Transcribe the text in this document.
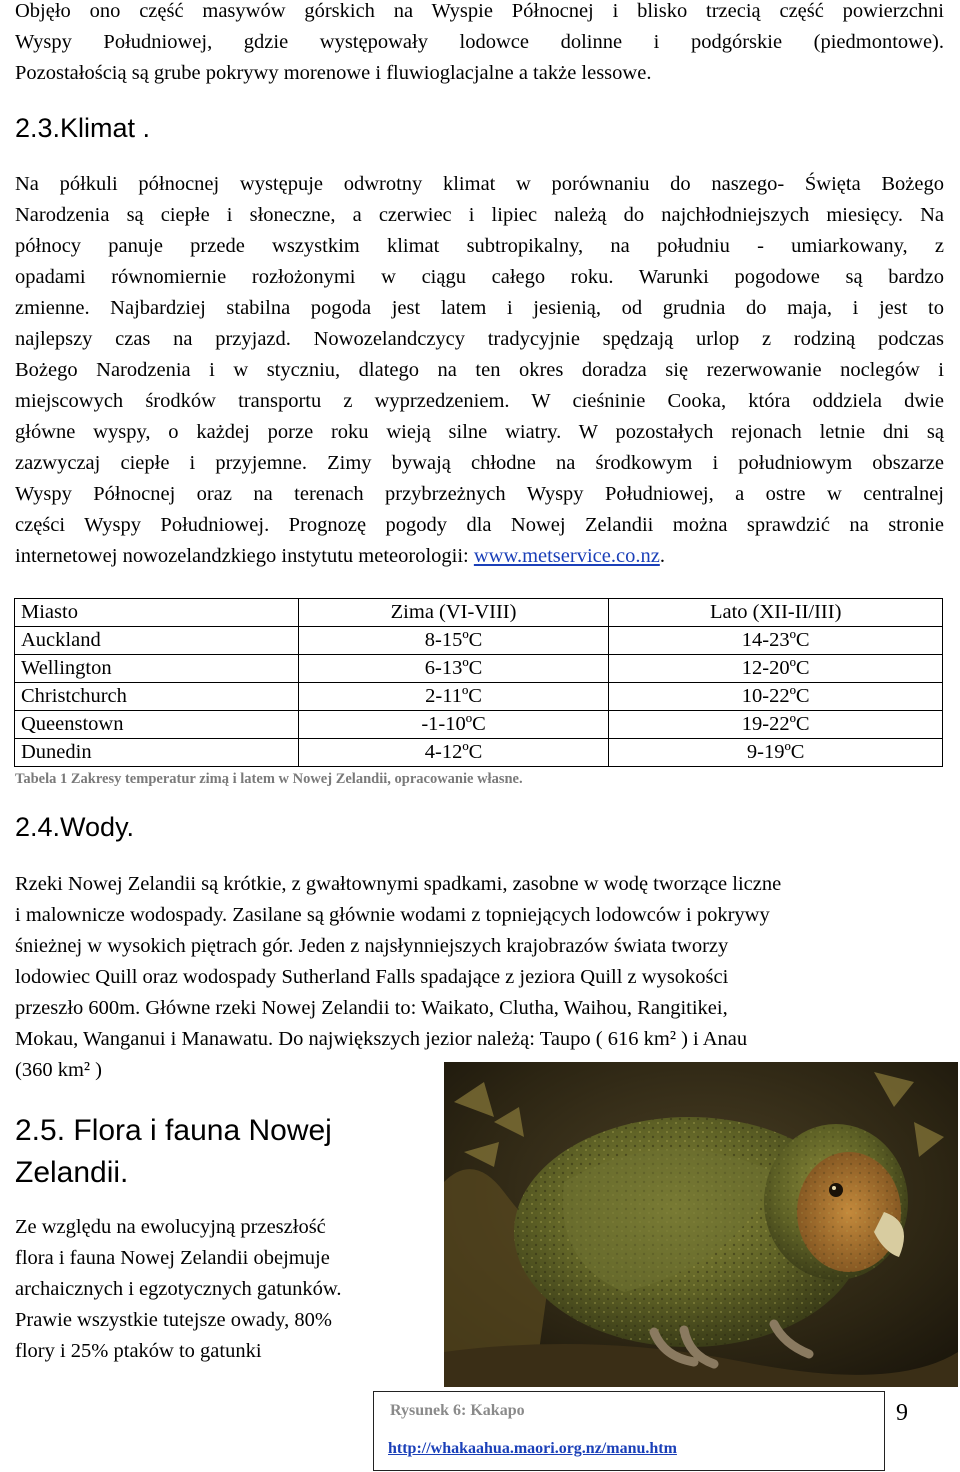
Objęło ono część masywów górskich na Wyspie Północnej i blisko trzecią część powierzchni
Wyspy Południowej, gdzie występowały lodowce dolinne i podgórskie (piedmontowe).
Pozostałością są grube pokrywy morenowe i fluwioglacjalne a także lessowe.
2.3.Klimat .
Na półkuli północnej występuje odwrotny klimat w porównaniu do naszego- Święta Bożego
Narodzenia są ciepłe i słoneczne, a czerwiec i lipiec należą do najchłodniejszych miesięcy. Na
północy panuje przede wszystkim klimat subtropikalny, na południu - umiarkowany, z
opadami równomiernie rozłożonymi w ciągu całego roku. Warunki pogodowe są bardzo
zmienne. Najbardziej stabilna pogoda jest latem i jesienią, od grudnia do maja, i jest to
najlepszy czas na przyjazd. Nowozelandczycy tradycyjnie spędzają urlop z rodziną podczas
Bożego Narodzenia i w styczniu, dlatego na ten okres doradza się rezerwowanie noclegów i
miejscowych środków transportu z wyprzedzeniem. W cieśninie Cooka, która oddziela dwie
główne wyspy, o każdej porze roku wieją silne wiatry. W pozostałych rejonach letnie dni są
zazwyczaj ciepłe i przyjemne. Zimy bywają chłodne na środkowym i południowym obszarze
Wyspy Północnej oraz na terenach przybrzeżnych Wyspy Południowej, a ostre w centralnej
części Wyspy Południowej. Prognozę pogody dla Nowej Zelandii można sprawdzić na stronie
internetowej nowozelandzkiego instytutu meteorologii: www.metservice.co.nz.
Miasto	Zima (VI-VIII)	Lato (XII-II/III)
Auckland	8-15ºC	14-23ºC
Wellington	6-13ºC	12-20ºC
Christchurch	2-11ºC	10-22ºC
Queenstown	-1-10ºC	19-22ºC
Dunedin	4-12ºC	9-19ºC
Tabela 1 Zakresy temperatur zimą i latem w Nowej Zelandii, opracowanie własne.
2.4.Wody.
Rzeki Nowej Zelandii są krótkie, z gwałtownymi spadkami, zasobne w wodę tworzące liczne
i malownicze wodospady. Zasilane są głównie wodami z topniejących lodowców i pokrywy
śnieżnej w wysokich piętrach gór. Jeden z najsłynniejszych krajobrazów świata tworzy
lodowiec Quill oraz wodospady Sutherland Falls spadające z jeziora Quill z wysokości
przeszło 600m. Główne rzeki Nowej Zelandii to: Waikato, Clutha, Waihou, Rangitikei,
Mokau, Wanganui i Manawatu. Do największych jezior należą: Taupo ( 616 km² ) i Anau
(360 km² )
2.5. Flora i fauna Nowej
Zelandii.
Ze względu na ewolucyjną przeszłość
flora i fauna Nowej Zelandii obejmuje
archaicznych i egzotycznych gatunków.
Prawie wszystkie tutejsze owady, 80%
flory i 25% ptaków to gatunki
Rysunek 6: Kakapo
http://whakaahua.maori.org.nz/manu.htm
9
